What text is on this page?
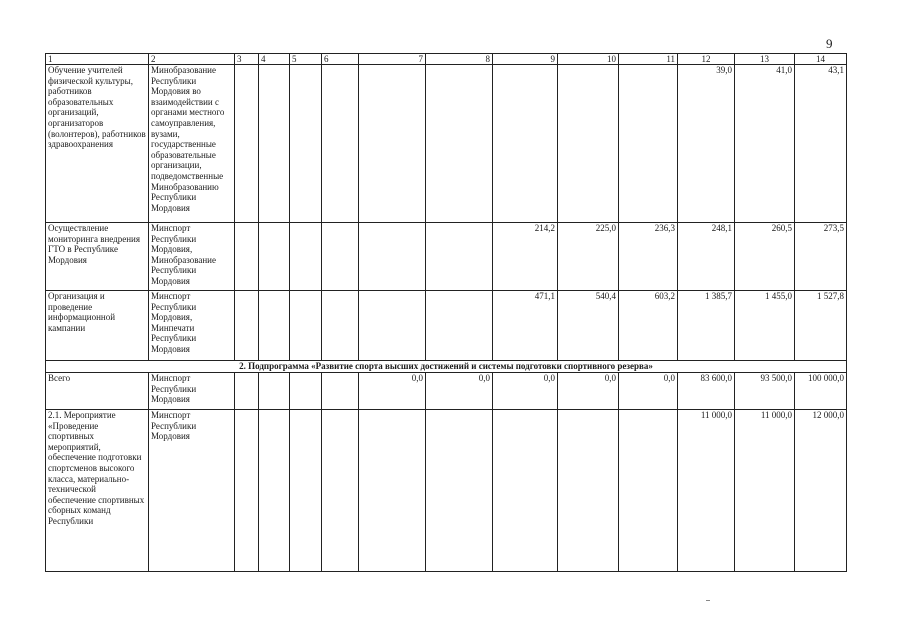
9
1	2	3	4	5	6	7	8	9	10	11	12	13	14
Обучение учителей физической культуры, работников образовательных организаций, организаторов (волонтеров), работников здравоохранения	Минобразование Республики Мордовия во взаимодействии с органами местного самоуправления, вузами, государственные образовательные организации, подведомственные Минобразованию Республики Мордовия										39,0	41,0	43,1
Осуществление мониторинга внедрения ГТО в Республике Мордовия	Минспорт Республики Мордовия, Минобразование Республики Мордовия							214,2	225,0	236,3	248,1	260,5	273,5
Организация и проведение информационной кампании	Минспорт Республики Мордовия, Минпечати Республики Мордовия							471,1	540,4	603,2	1 385,7	1 455,0	1 527,8
2. Подпрограмма «Развитие спорта высших достижений и системы подготовки спортивного резерва»													
Всего	Минспорт Республики Мордовия					0,0	0,0	0,0	0,0	0,0	83 600,0	93 500,0	100 000,0
2.1. Мероприятие «Проведение спортивных мероприятий, обеспечение подготовки спортсменов высокого класса, материально-технической обеспечение спортивных сборных команд Республики	Минспорт Республики Мордовия										11 000,0	11 000,0	12 000,0
